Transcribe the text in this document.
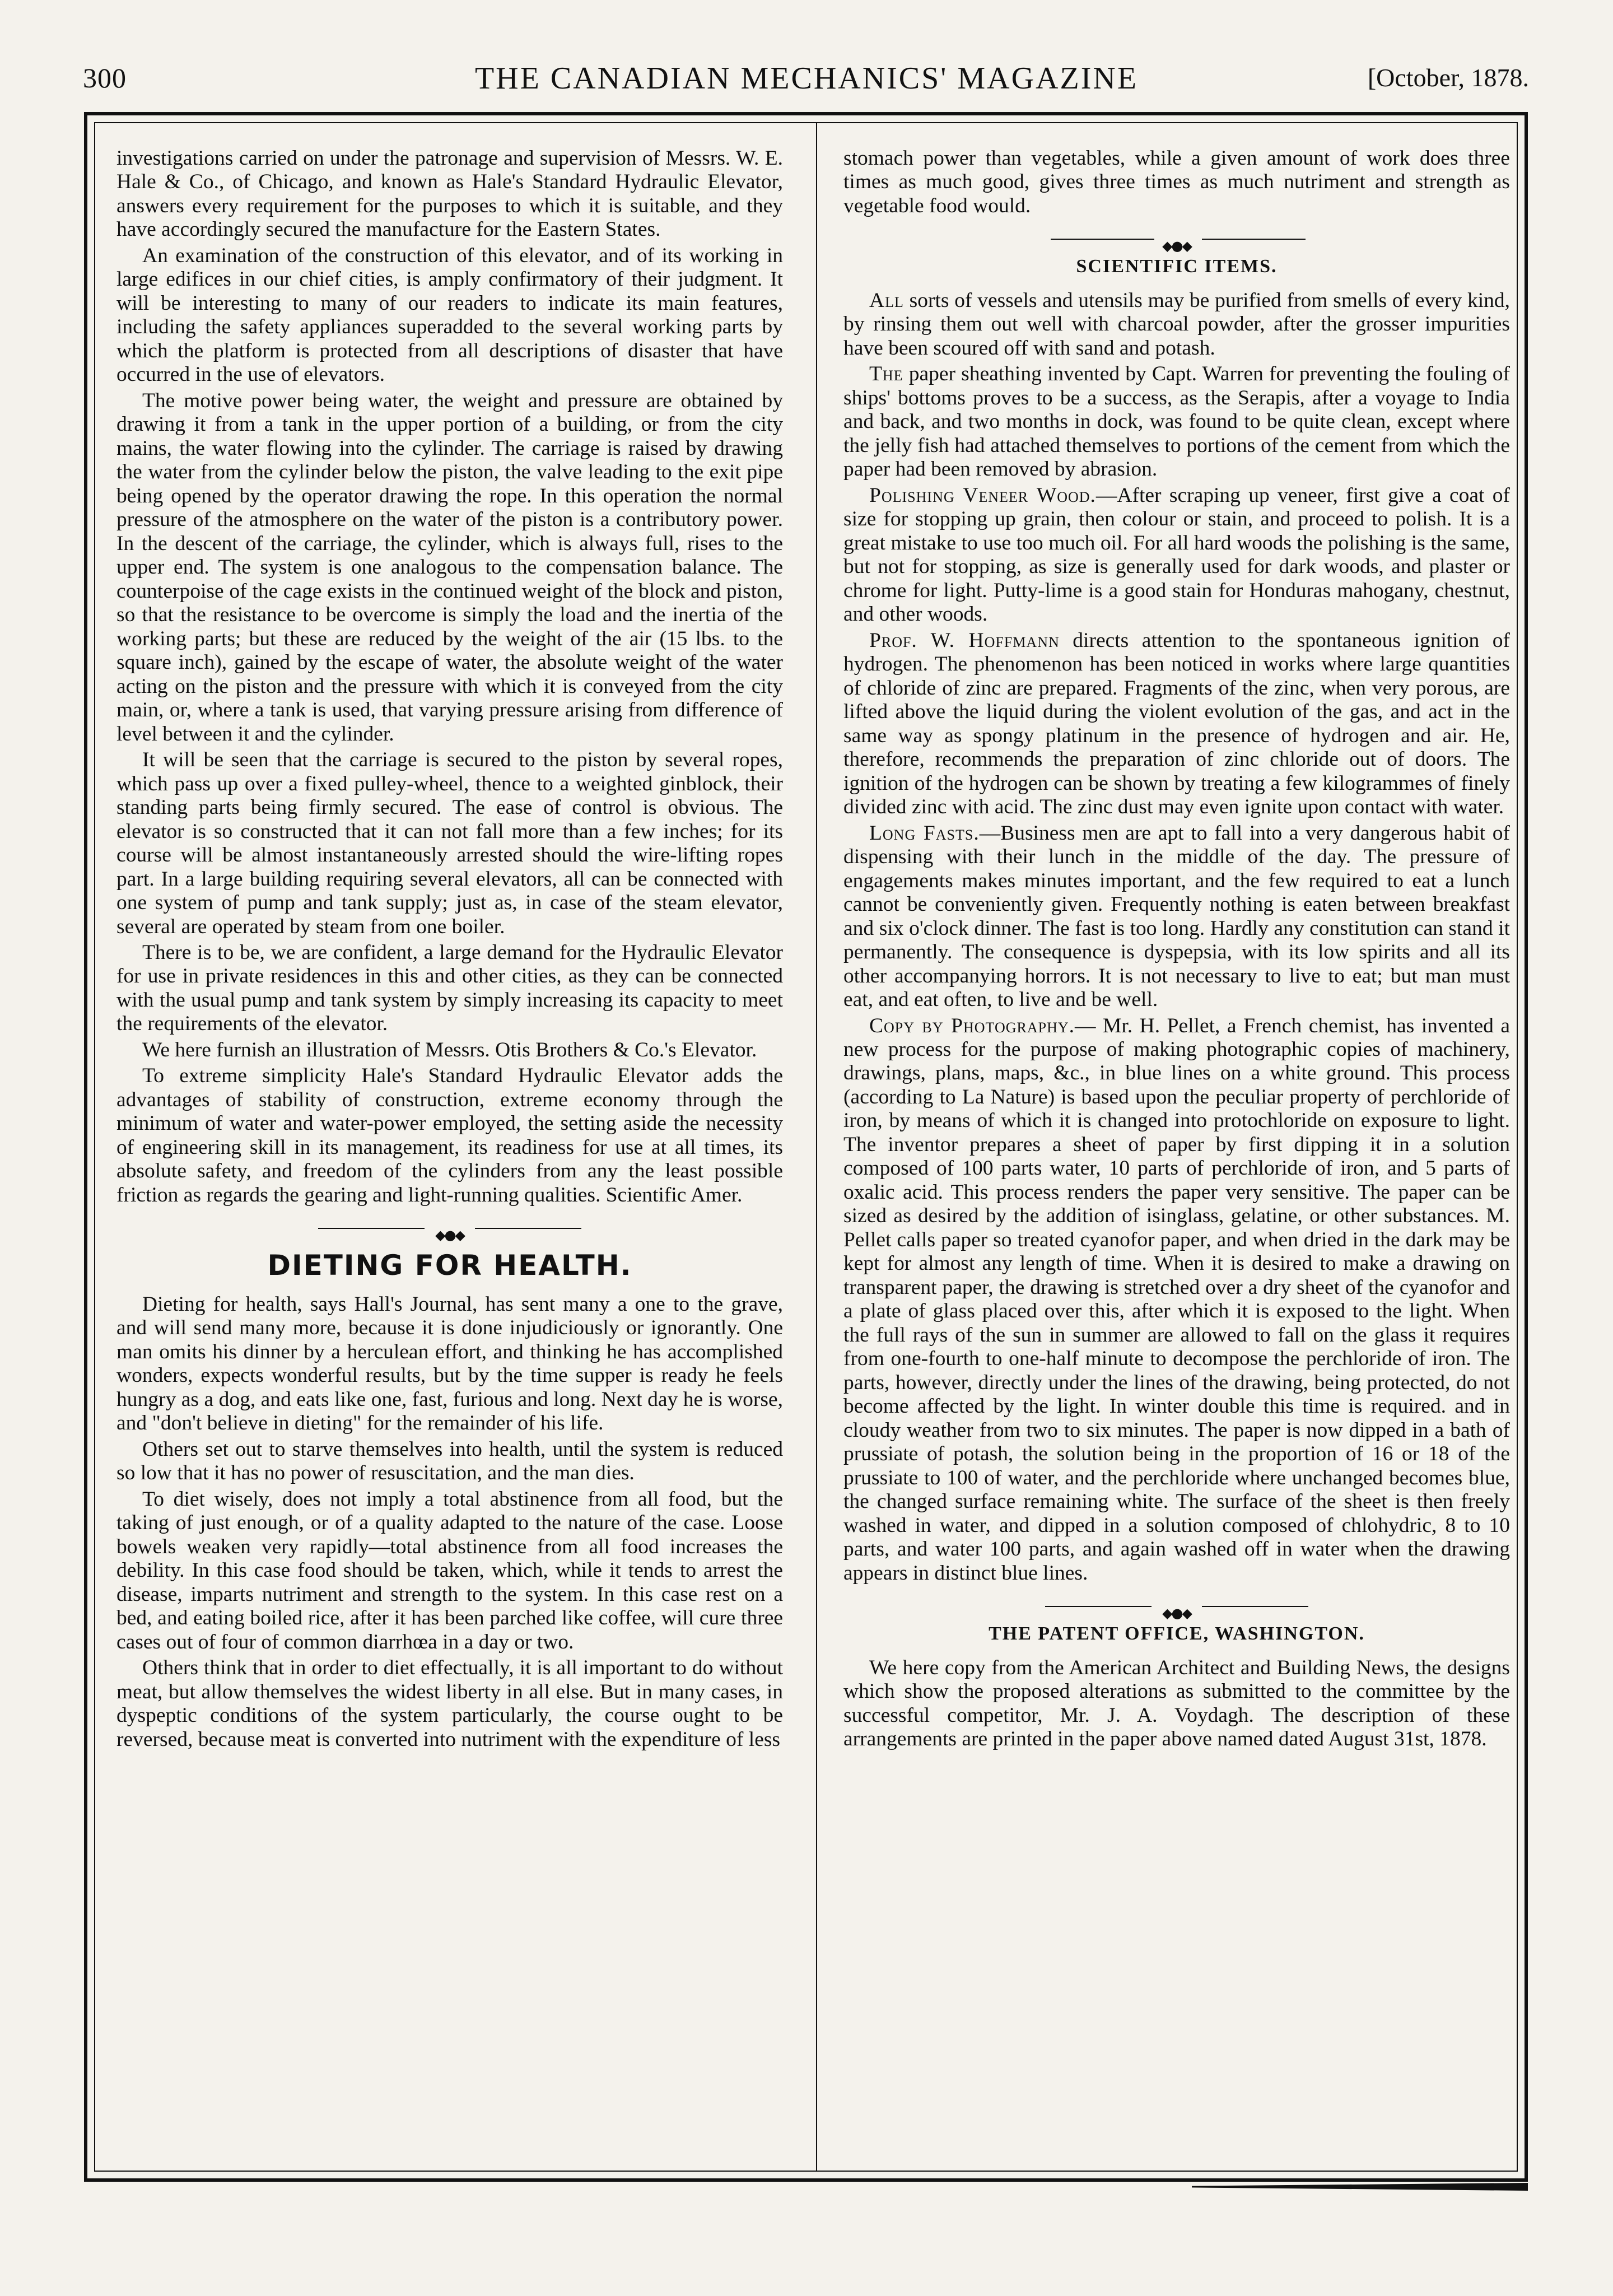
300	THE CANADIAN MECHANICS' MAGAZINE	[October, 1878.

investigations carried on under the patronage and supervision of Messrs. W. E. Hale & Co., of Chicago, and known as Hale's Standard Hydraulic Elevator, answers every requirement for the purposes to which it is suitable, and they have accordingly secured the manufacture for the Eastern States.

An examination of the construction of this elevator, and of its working in large edifices in our chief cities, is amply confirmatory of their judgment. It will be interesting to many of our readers to indicate its main features, including the safety appliances superadded to the several working parts by which the platform is protected from all descriptions of disaster that have occurred in the use of elevators.

The motive power being water, the weight and pressure are obtained by drawing it from a tank in the upper portion of a building, or from the city mains, the water flowing into the cylinder. The carriage is raised by drawing the water from the cylinder below the piston, the valve leading to the exit pipe being opened by the operator drawing the rope. In this operation the normal pressure of the atmosphere on the water of the piston is a contributory power. In the descent of the carriage, the cylinder, which is always full, rises to the upper end. The system is one analogous to the compensation balance. The counterpoise of the cage exists in the continued weight of the block and piston, so that the resistance to be overcome is simply the load and the inertia of the working parts; but these are reduced by the weight of the air (15 lbs. to the square inch), gained by the escape of water, the absolute weight of the water acting on the piston and the pressure with which it is conveyed from the city main, or, where a tank is used, that varying pressure arising from difference of level between it and the cylinder.

It will be seen that the carriage is secured to the piston by several ropes, which pass up over a fixed pulley-wheel, thence to a weighted ginblock, their standing parts being firmly secured. The ease of control is obvious. The elevator is so constructed that it can not fall more than a few inches; for its course will be almost instantaneously arrested should the wire-lifting ropes part. In a large building requiring several elevators, all can be connected with one system of pump and tank supply; just as, in case of the steam elevator, several are operated by steam from one boiler.

There is to be, we are confident, a large demand for the Hydraulic Elevator for use in private residences in this and other cities, as they can be connected with the usual pump and tank system by simply increasing its capacity to meet the requirements of the elevator.

We here furnish an illustration of Messrs. Otis Brothers & Co.'s Elevator.

To extreme simplicity Hale's Standard Hydraulic Elevator adds the advantages of stability of construction, extreme economy through the minimum of water and water-power employed, the setting aside the necessity of engineering skill in its management, its readiness for use at all times, its absolute safety, and freedom of the cylinders from any the least possible friction as regards the gearing and light-running qualities. Scientific Amer.

◆●◆
DIETING FOR HEALTH.

Dieting for health, says Hall's Journal, has sent many a one to the grave, and will send many more, because it is done injudiciously or ignorantly. One man omits his dinner by a herculean effort, and thinking he has accomplished wonders, expects wonderful results, but by the time supper is ready he feels hungry as a dog, and eats like one, fast, furious and long. Next day he is worse, and "don't believe in dieting" for the remainder of his life.

Others set out to starve themselves into health, until the system is reduced so low that it has no power of resuscitation, and the man dies.

To diet wisely, does not imply a total abstinence from all food, but the taking of just enough, or of a quality adapted to the nature of the case. Loose bowels weaken very rapidly—total abstinence from all food increases the debility. In this case food should be taken, which, while it tends to arrest the disease, imparts nutriment and strength to the system. In this case rest on a bed, and eating boiled rice, after it has been parched like coffee, will cure three cases out of four of common diarrhœa in a day or two.

Others think that in order to diet effectually, it is all important to do without meat, but allow themselves the widest liberty in all else. But in many cases, in dyspeptic conditions of the system particularly, the course ought to be reversed, because meat is converted into nutriment with the expenditure of less

stomach power than vegetables, while a given amount of work does three times as much good, gives three times as much nutriment and strength as vegetable food would.

◆●◆
SCIENTIFIC ITEMS.

All sorts of vessels and utensils may be purified from smells of every kind, by rinsing them out well with charcoal powder, after the grosser impurities have been scoured off with sand and potash.

The paper sheathing invented by Capt. Warren for preventing the fouling of ships' bottoms proves to be a success, as the Serapis, after a voyage to India and back, and two months in dock, was found to be quite clean, except where the jelly fish had attached themselves to portions of the cement from which the paper had been removed by abrasion.

Polishing Veneer Wood.—After scraping up veneer, first give a coat of size for stopping up grain, then colour or stain, and proceed to polish. It is a great mistake to use too much oil. For all hard woods the polishing is the same, but not for stopping, as size is generally used for dark woods, and plaster or chrome for light. Putty-lime is a good stain for Honduras mahogany, chestnut, and other woods.

Prof. W. Hoffmann directs attention to the spontaneous ignition of hydrogen. The phenomenon has been noticed in works where large quantities of chloride of zinc are prepared. Fragments of the zinc, when very porous, are lifted above the liquid during the violent evolution of the gas, and act in the same way as spongy platinum in the presence of hydrogen and air. He, therefore, recommends the preparation of zinc chloride out of doors. The ignition of the hydrogen can be shown by treating a few kilogrammes of finely divided zinc with acid. The zinc dust may even ignite upon contact with water.

Long Fasts.—Business men are apt to fall into a very dangerous habit of dispensing with their lunch in the middle of the day. The pressure of engagements makes minutes important, and the few required to eat a lunch cannot be conveniently given. Frequently nothing is eaten between breakfast and six o'clock dinner. The fast is too long. Hardly any constitution can stand it permanently. The consequence is dyspepsia, with its low spirits and all its other accompanying horrors. It is not necessary to live to eat; but man must eat, and eat often, to live and be well.

Copy by Photography.— Mr. H. Pellet, a French chemist, has invented a new process for the purpose of making photographic copies of machinery, drawings, plans, maps, &c., in blue lines on a white ground. This process (according to La Nature) is based upon the peculiar property of perchloride of iron, by means of which it is changed into protochloride on exposure to light. The inventor prepares a sheet of paper by first dipping it in a solution composed of 100 parts water, 10 parts of perchloride of iron, and 5 parts of oxalic acid. This process renders the paper very sensitive. The paper can be sized as desired by the addition of isinglass, gelatine, or other substances. M. Pellet calls paper so treated cyanofor paper, and when dried in the dark may be kept for almost any length of time. When it is desired to make a drawing on transparent paper, the drawing is stretched over a dry sheet of the cyanofor and a plate of glass placed over this, after which it is exposed to the light. When the full rays of the sun in summer are allowed to fall on the glass it requires from one-fourth to one-half minute to decompose the perchloride of iron. The parts, however, directly under the lines of the drawing, being protected, do not become affected by the light. In winter double this time is required. and in cloudy weather from two to six minutes. The paper is now dipped in a bath of prussiate of potash, the solution being in the proportion of 16 or 18 of the prussiate to 100 of water, and the perchloride where unchanged becomes blue, the changed surface remaining white. The surface of the sheet is then freely washed in water, and dipped in a solution composed of chlohydric, 8 to 10 parts, and water 100 parts, and again washed off in water when the drawing appears in distinct blue lines.

◆●◆
THE PATENT OFFICE, WASHINGTON.

We here copy from the American Architect and Building News, the designs which show the proposed alterations as submitted to the committee by the successful competitor, Mr. J. A. Voydagh. The description of these arrangements are printed in the paper above named dated August 31st, 1878.
